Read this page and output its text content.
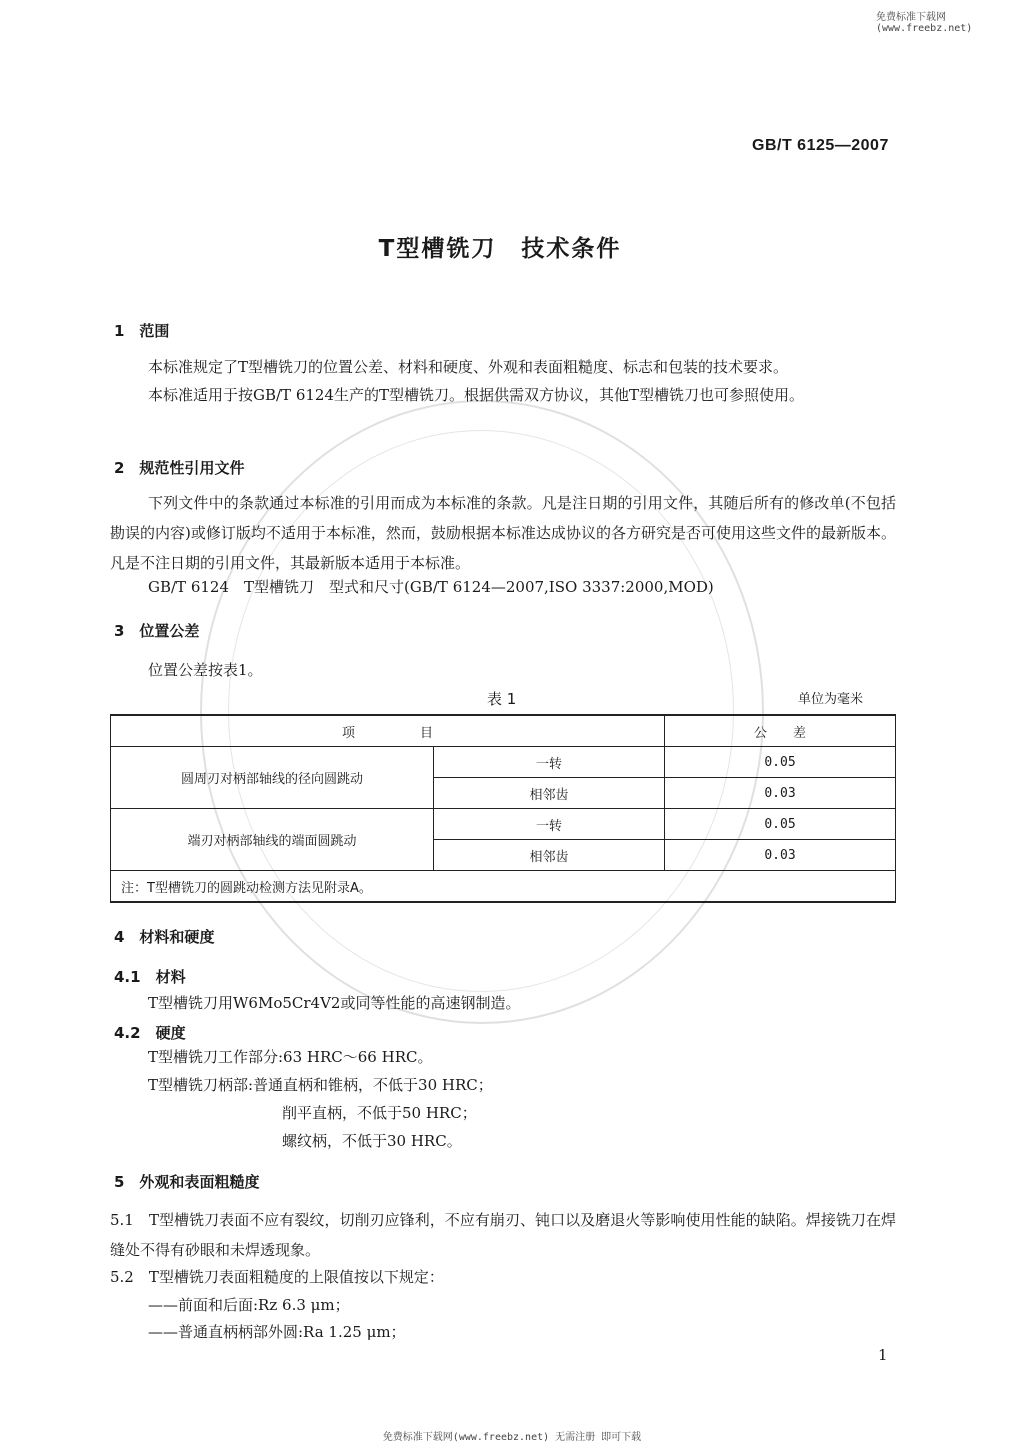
免费标准下载网(www.freebz.net)
GB/T 6125—2007
T型槽铣刀　技术条件
1　范围
本标准规定了T型槽铣刀的位置公差、材料和硬度、外观和表面粗糙度、标志和包装的技术要求。
本标准适用于按GB/T 6124生产的T型槽铣刀。根据供需双方协议，其他T型槽铣刀也可参照使用。
2　规范性引用文件
下列文件中的条款通过本标准的引用而成为本标准的条款。凡是注日期的引用文件，其随后所有的修改单(不包括勘误的内容)或修订版均不适用于本标准，然而，鼓励根据本标准达成协议的各方研究是否可使用这些文件的最新版本。凡是不注日期的引用文件，其最新版本适用于本标准。
GB/T 6124　T型槽铣刀　型式和尺寸(GB/T 6124—2007,ISO 3337:2000,MOD)
3　位置公差
位置公差按表1。
表 1	单位为毫米
项　　　　　目		公　　差
圆周刃对柄部轴线的径向圆跳动	一转	0.05
	相邻齿	0.03
端刃对柄部轴线的端面圆跳动	一转	0.05
	相邻齿	0.03
注：T型槽铣刀的圆跳动检测方法见附录A。		
4　材料和硬度
4.1　材料
T型槽铣刀用W6Mo5Cr4V2或同等性能的高速钢制造。
4.2　硬度
T型槽铣刀工作部分:63 HRC～66 HRC。
T型槽铣刀柄部:普通直柄和锥柄，不低于30 HRC；
削平直柄，不低于50 HRC；
螺纹柄，不低于30 HRC。
5　外观和表面粗糙度
5.1　T型槽铣刀表面不应有裂纹，切削刃应锋利，不应有崩刃、钝口以及磨退火等影响使用性能的缺陷。焊接铣刀在焊缝处不得有砂眼和未焊透现象。
5.2　T型槽铣刀表面粗糙度的上限值按以下规定：
——前面和后面:Rz 6.3 μm；
——普通直柄柄部外圆:Ra 1.25 μm；
1
免费标准下载网(www.freebz.net) 无需注册 即可下载
